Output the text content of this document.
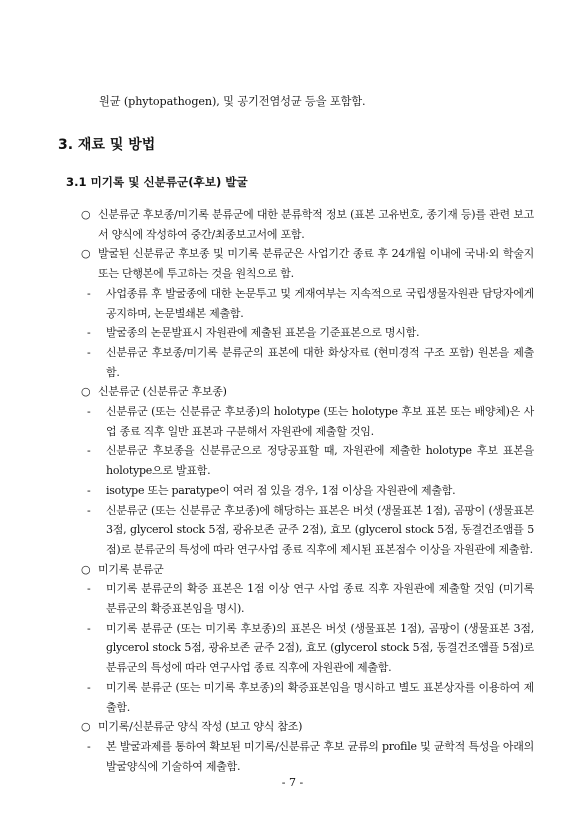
원균 (phytopathogen), 및 공기전염성균 등을 포함함.
3. 재료 및 방법
3.1 미기록 및 신분류군(후보) 발굴
○ 신분류군 후보종/미기록 분류군에 대한 분류학적 정보 (표본 고유번호, 종기재 등)를 관련 보고서 양식에 작성하여 중간/최종보고서에 포함.
○ 발굴된 신분류군 후보종 및 미기록 분류군은 사업기간 종료 후 24개월 이내에 국내·외 학술지 또는 단행본에 투고하는 것을 원칙으로 함.
- 사업종류 후 발굴종에 대한 논문투고 및 게재여부는 지속적으로 국립생물자원관 담당자에게 공지하며, 논문별쇄본 제출함.
- 발굴종의 논문발표시 자원관에 제출된 표본을 기준표본으로 명시함.
- 신분류군 후보종/미기록 분류군의 표본에 대한 화상자료 (현미경적 구조 포함) 원본을 제출함.
○ 신분류군 (신분류군 후보종)
- 신분류군 (또는 신분류군 후보종)의 holotype (또는 holotype 후보 표본 또는 배양체)은 사업 종료 직후 일반 표본과 구분해서 자원관에 제출할 것임.
- 신분류군 후보종을 신분류군으로 정당공표할 때, 자원관에 제출한 holotype 후보 표본을 holotype으로 발표함.
- isotype 또는 paratype이 여러 점 있을 경우, 1점 이상을 자원관에 제출함.
- 신분류군 (또는 신분류군 후보종)에 해당하는 표본은 버섯 (생물표본 1점), 곰팡이 (생물표본 3점, glycerol stock 5점, 광유보존 균주 2점), 효모 (glycerol stock 5점, 동결건조앰플 5점)로 분류군의 특성에 따라 연구사업 종료 직후에 제시된 표본점수 이상을 자원관에 제출함.
○ 미기록 분류군
- 미기록 분류군의 확증 표본은 1점 이상 연구 사업 종료 직후 자원관에 제출할 것임 (미기록 분류군의 확증표본임을 명시).
- 미기록 분류군 (또는 미기록 후보종)의 표본은 버섯 (생물표본 1점), 곰팡이 (생물표본 3점, glycerol stock 5점, 광유보존 균주 2점), 효모 (glycerol stock 5점, 동결건조앰플 5점)로 분류군의 특성에 따라 연구사업 종료 직후에 자원관에 제출함.
- 미기록 분류군 (또는 미기록 후보종)의 확증표본임을 명시하고 별도 표본상자를 이용하여 제출함.
○ 미기록/신분류군 양식 작성 (보고 양식 참조)
- 본 발굴과제를 통하여 확보된 미기록/신분류군 후보 균류의 profile 및 균학적 특성을 아래의 발굴양식에 기술하여 제출함.
- 7 -
